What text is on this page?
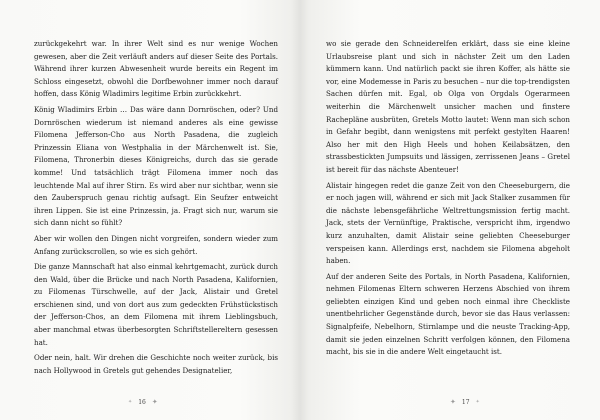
zurückgekehrt war. In ihrer Welt sind es nur wenige Wochen gewesen, aber die Zeit verläuft anders auf dieser Seite des Portals. Während ihrer kurzen Abwesenheit wurde bereits ein Regent im Schloss eingesetzt, obwohl die Dorfbewohner immer noch darauf hoffen, dass König Wladimirs legitime Erbin zurückkehrt.

König Wladimirs Erbin … Das wäre dann Dornröschen, oder? Und Dornröschen wiederum ist niemand anderes als eine gewisse Filomena Jefferson-Cho aus North Pasadena, die zugleich Prinzessin Eliana von Westphalia in der Märchenwelt ist. Sie, Filomena, Thronerbin dieses Königreichs, durch das sie gerade komme! Und tatsächlich trägt Filomena immer noch das leuchtende Mal auf ihrer Stirn. Es wird aber nur sichtbar, wenn sie den Zauberspruch genau richtig aufsagt. Ein Seufzer entweicht ihren Lippen. Sie ist eine Prinzessin, ja. Fragt sich nur, warum sie sich dann nicht so fühlt?

Aber wir wollen den Dingen nicht vorgreifen, sondern wieder zum Anfang zurückscrollen, so wie es sich gehört.

Die ganze Mannschaft hat also einmal kehrtgemacht, zurück durch den Wald, über die Brücke und nach North Pasadena, Kalifornien, zu Filomenas Türschwelle, auf der Jack, Alistair und Gretel erschienen sind, und von dort aus zum gedeckten Frühstückstisch der Jefferson-Chos, an dem Filomena mit ihrem Lieblingsbuch, aber manchmal etwas überbesorgten Schriftstellereltern gesessen hat.

Oder nein, halt. Wir drehen die Geschichte noch weiter zurück, bis nach Hollywood in Gretels gut gehendes Designatelier,

✦ 16 ✦

wo sie gerade den Schneiderelfen erklärt, dass sie eine kleine Urlaubsreise plant und sich in nächster Zeit um den Laden kümmern kann. Und natürlich packt sie ihren Koffer, als hätte sie vor, eine Modemesse in Paris zu besuchen – nur die top-trendigsten Sachen dürfen mit. Egal, ob Olga von Orgdals Ogerarmeen weiterhin die Märchenwelt unsicher machen und finstere Rachepläne ausbrüten, Gretels Motto lautet: Wenn man sich schon in Gefahr begibt, dann wenigstens mit perfekt gestylten Haaren! Also her mit den High Heels und hohen Keilabsätzen, den strassbestickten Jumpsuits und lässigen, zerrissenen Jeans – Gretel ist bereit für das nächste Abenteuer!

Alistair hingegen redet die ganze Zeit von den Cheeseburgern, die er noch jagen will, während er sich mit Jack Stalker zusammen für die nächste lebensgefährliche Weltrettungsmission fertig macht. Jack, stets der Vernünftige, Praktische, verspricht ihm, irgendwo kurz anzuhalten, damit Alistair seine geliebten Cheeseburger verspeisen kann. Allerdings erst, nachdem sie Filomena abgeholt haben.

Auf der anderen Seite des Portals, in North Pasadena, Kalifornien, nehmen Filomenas Eltern schweren Herzens Abschied von ihrem geliebten einzigen Kind und geben noch einmal ihre Checkliste unentbehrlicher Gegenstände durch, bevor sie das Haus verlassen: Signalpfeife, Nebelhorn, Stirnlampe und die neuste Tracking-App, damit sie jeden einzelnen Schritt verfolgen können, den Filomena macht, bis sie in die andere Welt eingetaucht ist.

✦ 17 ✦
